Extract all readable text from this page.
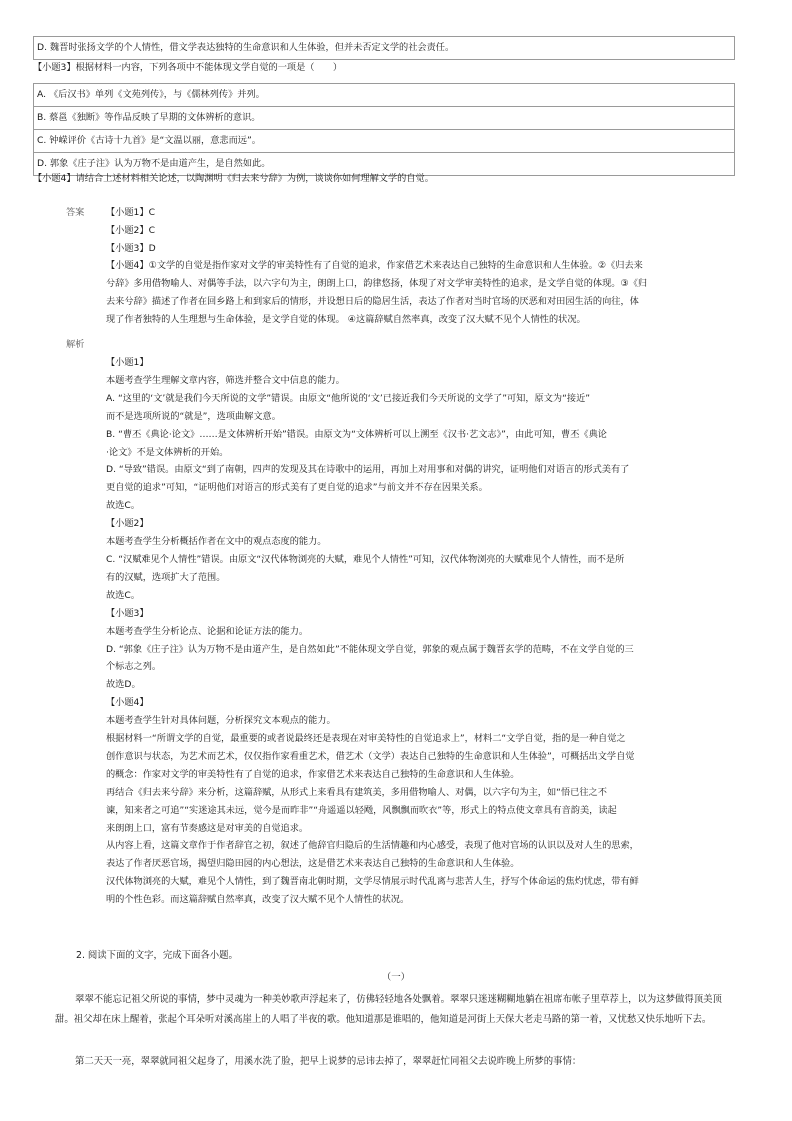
D. 魏晋时张扬文学的个人情性，借文学表达独特的生命意识和人生体验，但并未否定文学的社会责任。
【小题3】根据材料一内容，下列各项中不能体现文学自觉的一项是（　　）
A. 《后汉书》单列《文苑列传》，与《儒林列传》并列。
B. 蔡邕《独断》等作品反映了早期的文体辨析的意识。
C. 钟嵘评价《古诗十九首》是“文温以丽，意悲而远”。
D. 郭象《庄子注》认为万物不是由道产生，是自然如此。
【小题4】请结合上述材料相关论述，以陶渊明《归去来兮辞》为例，谈谈你如何理解文学的自觉。
答案 【小题1】C

【小题2】C

【小题3】D

【小题4】①文学的自觉是指作家对文学的审美特性有了自觉的追求，作家借艺术来表达自己独特的生命意识和人生体验。②《归去来

兮辞》多用借物喻人、对偶等手法，以六字句为主，朗朗上口，韵律悠扬，体现了对文学审美特性的追求，是文学自觉的体现。③《归

去来兮辞》描述了作者在回乡路上和到家后的情形，并设想日后的隐居生活，表达了作者对当时官场的厌恶和对田园生活的向往，体

现了作者独特的人生理想与生命体验，是文学自觉的体现。 ④这篇辞赋自然率真，改变了汉大赋不见个人情性的状况。

解析

【小题1】

本题考查学生理解文章内容，筛选并整合文中信息的能力。

A. “这里的‘文’就是我们今天所说的文学”错误。由原文“他所说的‘文’已接近我们今天所说的文学了”可知，原文为“接近”

而不是选项所说的“就是”，选项曲解文意。

B. “曹丕《典论·论文》……是文体辨析开始”错误。由原文为“文体辨析可以上溯至《汉书·艺文志》”，由此可知，曹丕《典论

·论文》不是文体辨析的开始。

D. “导致”错误。由原文“到了南朝，四声的发现及其在诗歌中的运用，再加上对用事和对偶的讲究，证明他们对语言的形式美有了

更自觉的追求”可知，“证明他们对语言的形式美有了更自觉的追求”与前文并不存在因果关系。

故选C。

【小题2】

本题考查学生分析概括作者在文中的观点态度的能力。

C. “汉赋难见个人情性”错误。由原文“汉代体物浏亮的大赋，难见个人情性”可知，汉代体物浏亮的大赋难见个人情性，而不是所

有的汉赋，选项扩大了范围。

故选C。

【小题3】

本题考查学生分析论点、论据和论证方法的能力。

D. “郭象《庄子注》认为万物不是由道产生，是自然如此”不能体现文学自觉，郭象的观点属于魏晋玄学的范畴，不在文学自觉的三

个标志之列。

故选D。

【小题4】

本题考查学生针对具体问题，分析探究文本观点的能力。

根据材料一“所谓文学的自觉，最重要的或者说最终还是表现在对审美特性的自觉追求上”，材料二“文学自觉，指的是一种自觉之

创作意识与状态，为艺术而艺术，仅仅指作家看重艺术，借艺术（文学）表达自己独特的生命意识和人生体验”，可概括出文学自觉

的概念：作家对文学的审美特性有了自觉的追求，作家借艺术来表达自己独特的生命意识和人生体验。

再结合《归去来兮辞》来分析，这篇辞赋，从形式上来看具有建筑美，多用借物喻人、对偶，以六字句为主，如“悟已往之不

谏，知来者之可追”“实迷途其未远，觉今是而昨非”“舟遥遥以轻飏，风飘飘而吹衣”等，形式上的特点使文章具有音韵美，读起

来朗朗上口，富有节奏感这是对审美的自觉追求。

从内容上看，这篇文章作于作者辞官之初，叙述了他辞官归隐后的生活情趣和内心感受，表现了他对官场的认识以及对人生的思索，

表达了作者厌恶官场，揭望归隐田园的内心想法，这是借艺术来表达自己独特的生命意识和人生体验。

汉代体物浏亮的大赋，难见个人情性，到了魏晋南北朝时期，文学尽情展示时代乱离与悲苦人生，抒写个体命运的焦灼忧虑，带有鲜

明的个性色彩。而这篇辞赋自然率真，改变了汉大赋不见个人情性的状况。

2. 阅读下面的文字，完成下面各小题。
（一）

翠翠不能忘记祖父所说的事情，梦中灵魂为一种美妙歌声浮起来了，仿佛轻轻地各处飘着。翠翠只迷迷糊糊地躺在祖席布帐子里草荐上，以为这梦做得顶美顶甜。祖父却在床上醒着，张起个耳朵听对溪高崖上的人唱了半夜的歌。他知道那是谁唱的，他知道是河街上天保大老走马路的第一着，又忧愁又快乐地听下去。

第二天天一亮，翠翠就同祖父起身了，用溪水洗了脸，把早上说梦的忌讳去掉了，翠翠赶忙同祖父去说昨晚上所梦的事情：
